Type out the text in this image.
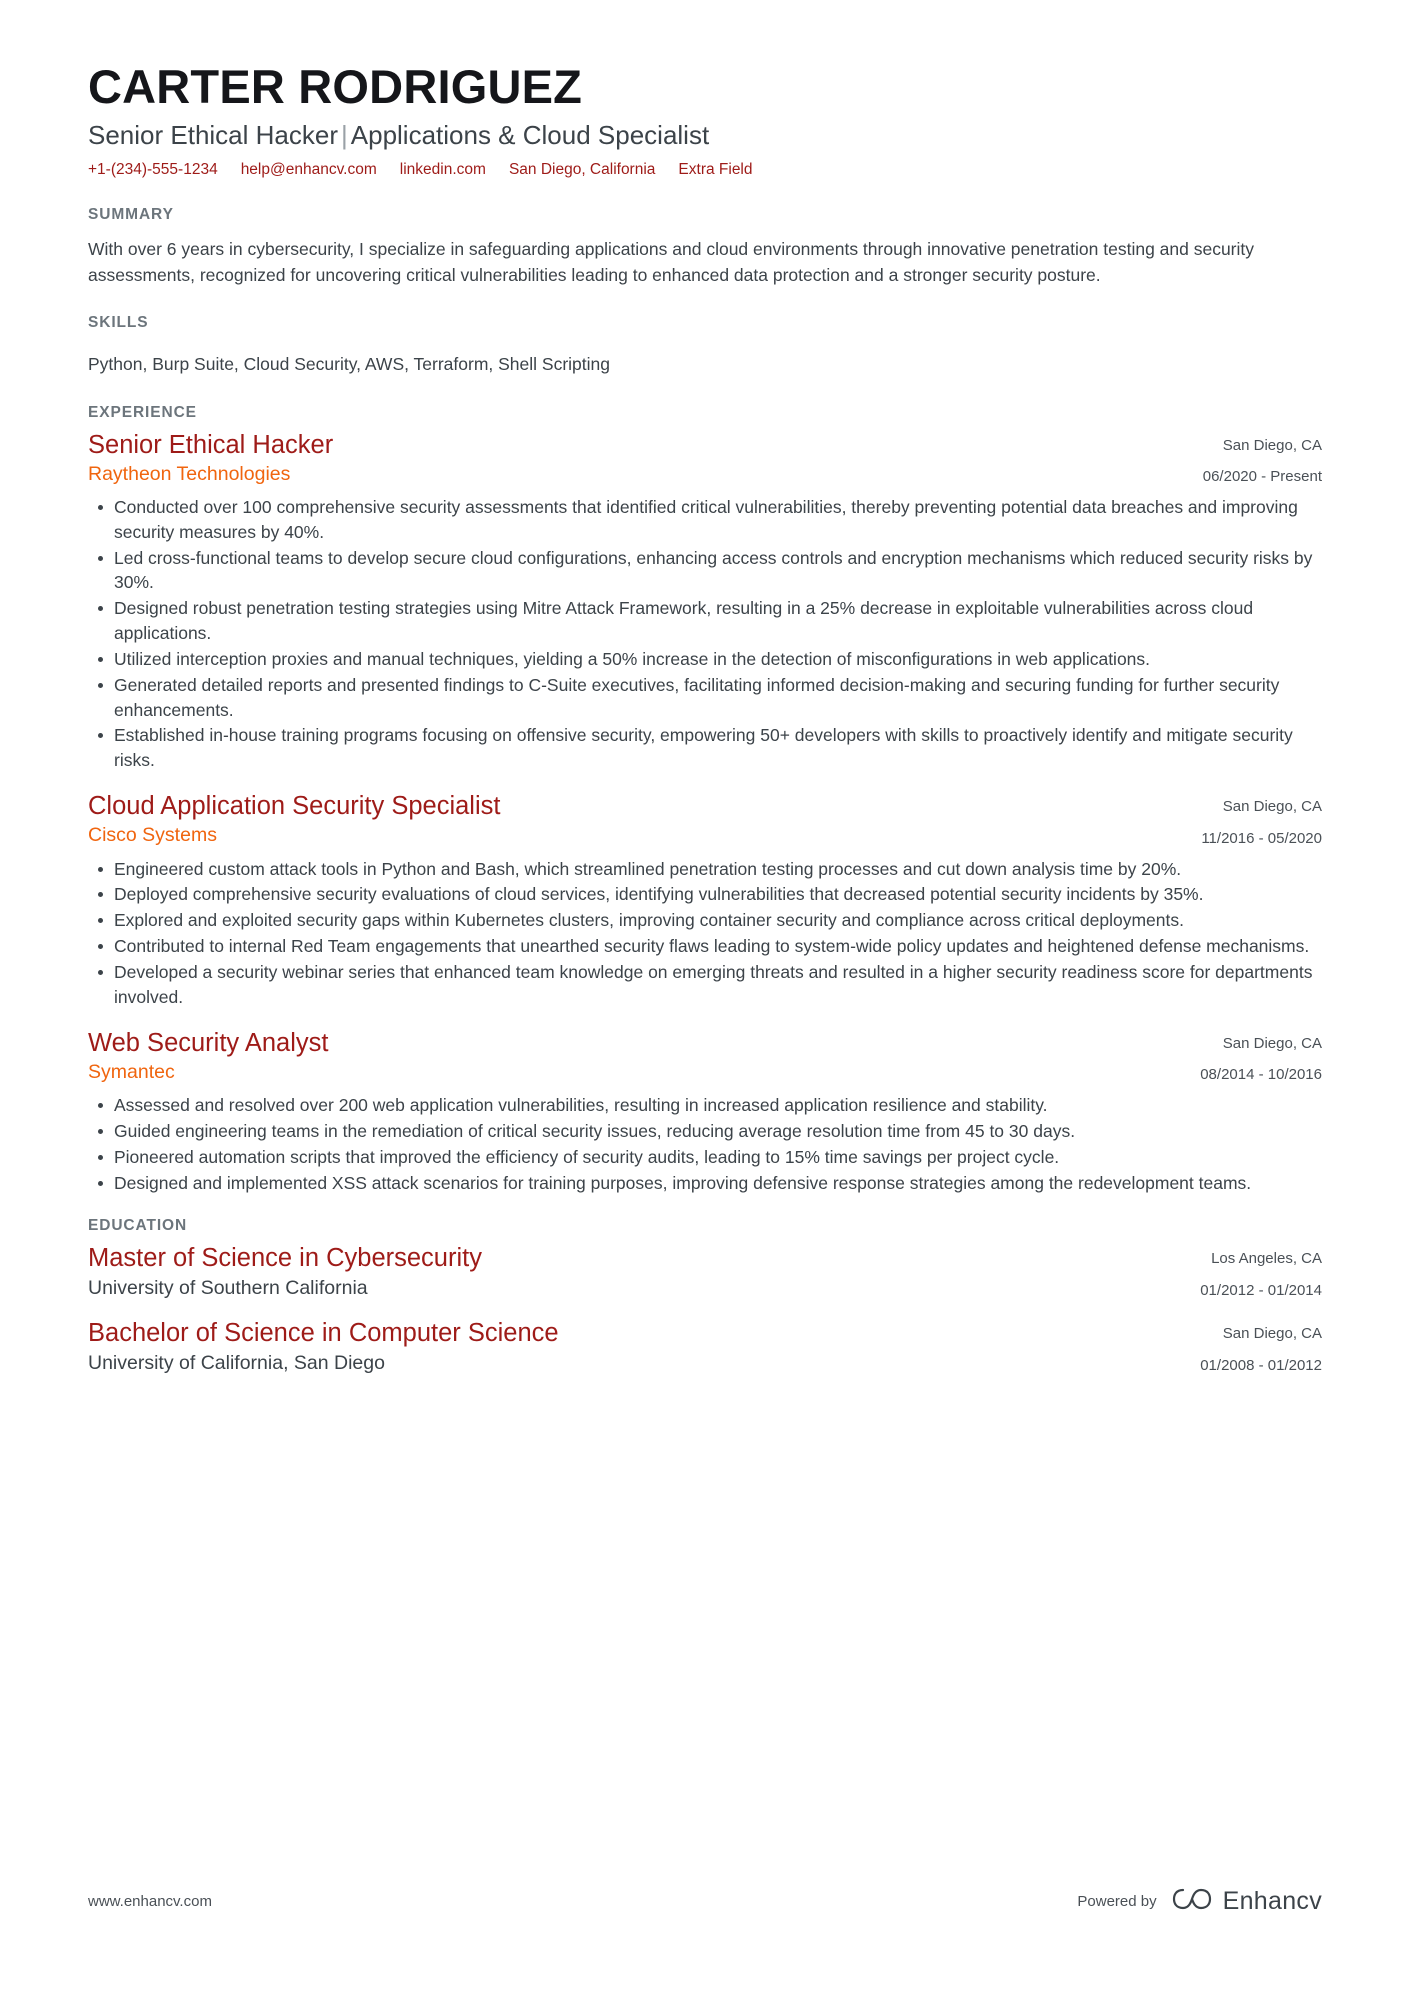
CARTER RODRIGUEZ
Senior Ethical Hacker | Applications & Cloud Specialist
+1-(234)-555-1234 help@enhancv.com linkedin.com San Diego, California Extra Field
SUMMARY
With over 6 years in cybersecurity, I specialize in safeguarding applications and cloud environments through innovative penetration testing and security assessments, recognized for uncovering critical vulnerabilities leading to enhanced data protection and a stronger security posture.
SKILLS
Python, Burp Suite, Cloud Security, AWS, Terraform, Shell Scripting
EXPERIENCE
Senior Ethical Hacker
Raytheon Technologies
San Diego, CA
06/2020 - Present
Conducted over 100 comprehensive security assessments that identified critical vulnerabilities, thereby preventing potential data breaches and improving security measures by 40%.
Led cross-functional teams to develop secure cloud configurations, enhancing access controls and encryption mechanisms which reduced security risks by 30%.
Designed robust penetration testing strategies using Mitre Attack Framework, resulting in a 25% decrease in exploitable vulnerabilities across cloud applications.
Utilized interception proxies and manual techniques, yielding a 50% increase in the detection of misconfigurations in web applications.
Generated detailed reports and presented findings to C-Suite executives, facilitating informed decision-making and securing funding for further security enhancements.
Established in-house training programs focusing on offensive security, empowering 50+ developers with skills to proactively identify and mitigate security risks.
Cloud Application Security Specialist
Cisco Systems
San Diego, CA
11/2016 - 05/2020
Engineered custom attack tools in Python and Bash, which streamlined penetration testing processes and cut down analysis time by 20%.
Deployed comprehensive security evaluations of cloud services, identifying vulnerabilities that decreased potential security incidents by 35%.
Explored and exploited security gaps within Kubernetes clusters, improving container security and compliance across critical deployments.
Contributed to internal Red Team engagements that unearthed security flaws leading to system-wide policy updates and heightened defense mechanisms.
Developed a security webinar series that enhanced team knowledge on emerging threats and resulted in a higher security readiness score for departments involved.
Web Security Analyst
Symantec
San Diego, CA
08/2014 - 10/2016
Assessed and resolved over 200 web application vulnerabilities, resulting in increased application resilience and stability.
Guided engineering teams in the remediation of critical security issues, reducing average resolution time from 45 to 30 days.
Pioneered automation scripts that improved the efficiency of security audits, leading to 15% time savings per project cycle.
Designed and implemented XSS attack scenarios for training purposes, improving defensive response strategies among the redevelopment teams.
EDUCATION
Master of Science in Cybersecurity
University of Southern California
Los Angeles, CA
01/2012 - 01/2014
Bachelor of Science in Computer Science
University of California, San Diego
San Diego, CA
01/2008 - 01/2012
www.enhancv.com	Powered by	Enhancv
